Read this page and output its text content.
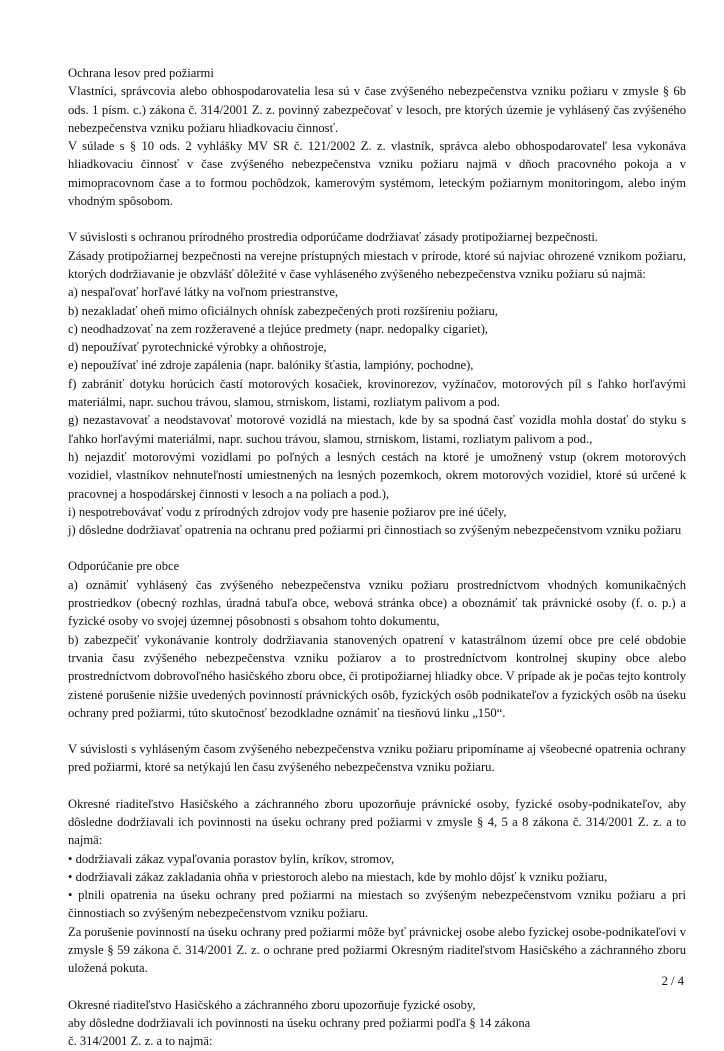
Ochrana lesov pred požiarmi

Vlastníci, správcovia alebo obhospodarovatelia lesa sú v čase zvýšeného nebezpečenstva vzniku požiaru v zmysle § 6b ods. 1 písm. c.) zákona č. 314/2001 Z. z. povinný zabezpečovať v lesoch, pre ktorých územie je vyhlásený čas zvýšeného nebezpečenstva vzniku požiaru hliadkovaciu činnosť.

V súlade s § 10 ods. 2 vyhlášky MV SR č. 121/2002 Z. z. vlastník, správca alebo obhospodarovateľ lesa vykonáva hliadkovaciu činnosť v čase zvýšeného nebezpečenstva vzniku požiaru najmä v dňoch pracovného pokoja a v mimopracovnom čase a to formou pochôdzok, kamerovým systémom, leteckým požiarnym monitoringom, alebo iným vhodným spôsobom.

V súvislosti s ochranou prírodného prostredia odporúčame dodržiavať zásady protipožiarnej bezpečnosti.

Zásady protipožiarnej bezpečnosti na verejne prístupných miestach v prírode, ktoré sú najviac ohrozené vznikom požiaru, ktorých dodržiavanie je obzvlášť dôležité v čase vyhláseného zvýšeného nebezpečenstva vzniku požiaru sú najmä:

a) nespaľovať horľavé látky na voľnom priestranstve,

b) nezakladať oheň mimo oficiálnych ohnísk zabezpečených proti rozšíreniu požiaru,

c) neodhadzovať na zem rozžeravené a tlejúce predmety (napr. nedopalky cigariet),

d) nepoužívať pyrotechnické výrobky a ohňostroje,

e) nepoužívať iné zdroje zapálenia (napr. balóniky šťastia, lampióny, pochodne),

f) zabrániť dotyku horúcich častí motorových kosačiek, krovinorezov, vyžínačov, motorových píl s ľahko horľavými materiálmi, napr. suchou trávou, slamou, strniskom, listami, rozliatym palivom a pod.

g) nezastavovať a neodstavovať motorové vozidlá na miestach, kde by sa spodná časť vozidla mohla dostať do styku s ľahko horľavými materiálmi, napr. suchou trávou, slamou, strniskom, listami, rozliatym palivom a pod.,

h) nejazdiť motorovými vozidlami po poľných a lesných cestách na ktoré je umožnený vstup (okrem motorových vozidiel, vlastníkov nehnuteľností umiestnených na lesných pozemkoch, okrem motorových vozidiel, ktoré sú určené k pracovnej a hospodárskej činnosti v lesoch a na poliach a pod.),

i) nespotrebovávať vodu z prírodných zdrojov vody pre hasenie požiarov pre iné účely,

j) dôsledne dodržiavať opatrenia na ochranu pred požiarmi pri činnostiach so zvýšeným nebezpečenstvom vzniku požiaru

Odporúčanie pre obce

a) oznámiť vyhlásený čas zvýšeného nebezpečenstva vzniku požiaru prostredníctvom vhodných komunikačných prostriedkov (obecný rozhlas, úradná tabuľa obce, webová stránka obce) a oboznámiť tak právnické osoby (f. o. p.) a fyzické osoby vo svojej územnej pôsobnosti s obsahom tohto dokumentu,

b) zabezpečiť vykonávanie kontroly dodržiavania stanovených opatrení v katastrálnom území obce pre celé obdobie trvania času zvýšeného nebezpečenstva vzniku požiarov a to prostredníctvom kontrolnej skupiny obce alebo prostredníctvom dobrovoľného hasičského zboru obce, či protipožiarnej hliadky obce. V prípade ak je počas tejto kontroly zistené porušenie nižšie uvedených povinností právnických osôb, fyzických osôb podnikateľov a fyzických osôb na úseku ochrany pred požiarmi, túto skutočnosť bezodkladne oznámiť na tiesňovú linku „150“.

V súvislosti s vyhláseným časom zvýšeného nebezpečenstva vzniku požiaru pripomíname aj všeobecné opatrenia ochrany pred požiarmi, ktoré sa netýkajú len času zvýšeného nebezpečenstva vzniku požiaru.

Okresné riaditeľstvo Hasičského a záchranného zboru upozorňuje právnické osoby, fyzické osoby-podnikateľov, aby dôsledne dodržiavali ich povinnosti na úseku ochrany pred požiarmi v zmysle § 4, 5 a 8 zákona č. 314/2001 Z. z. a to najmä:

• dodržiavali zákaz vypaľovania porastov bylín, kríkov, stromov,

• dodržiavali zákaz zakladania ohňa v priestoroch alebo na miestach, kde by mohlo dôjsť k vzniku požiaru,

• plnili opatrenia na úseku ochrany pred požiarmi na miestach so zvýšeným nebezpečenstvom vzniku požiaru a pri činnostiach so zvýšeným nebezpečenstvom vzniku požiaru.

Za porušenie povinností na úseku ochrany pred požiarmi môže byť právnickej osobe alebo fyzickej osobe-podnikateľovi v zmysle § 59 zákona č. 314/2001 Z. z. o ochrane pred požiarmi Okresným riaditeľstvom Hasičského a záchranného zboru uložená pokuta.

Okresné riaditeľstvo Hasičského a záchranného zboru upozorňuje fyzické osoby,

aby dôsledne dodržiavali ich povinnosti na úseku ochrany pred požiarmi podľa § 14 zákona

č. 314/2001 Z. z. a to najmä:

2 / 4
